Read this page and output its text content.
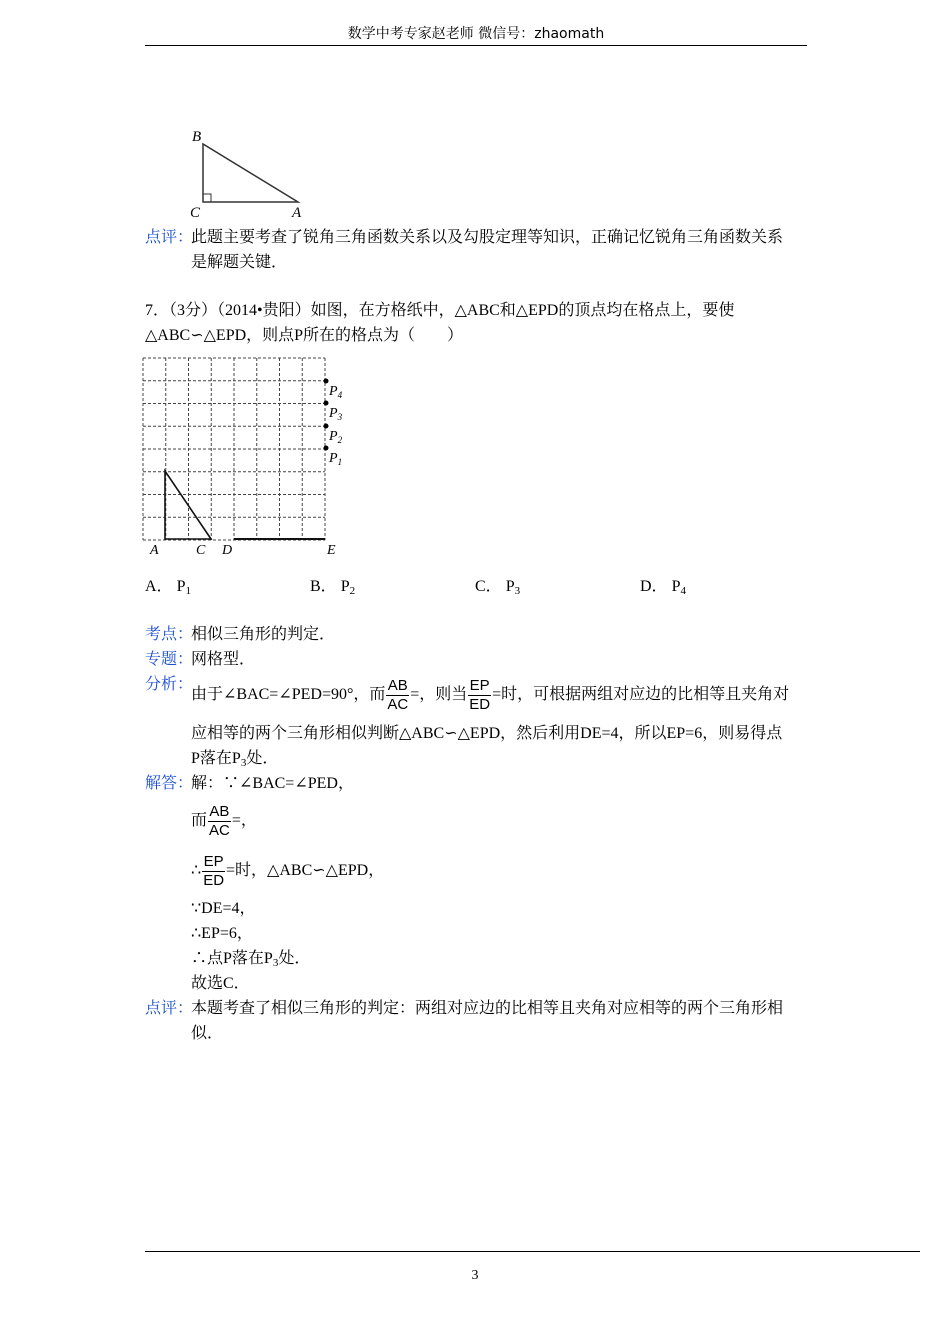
数学中考专家赵老师 微信号：zhaomath
B
C	A
点评：
此题主要考查了锐角三角函数关系以及勾股定理等知识，正确记忆锐角三角函数关系
是解题关键．
7．（3分）（2014•贵阳）如图，在方格纸中，△ABC和△EPD的顶点均在格点上，要使
△ABC∽△EPD，则点P所在的格点为（　　）
$P_4$
$P_3$
$P_2$
$P_1$
A	C D	E
A． $P_1$	B． $P_2$	C． $P_3$	D． $P_4$
考点：
相似三角形的判定．
专题：
网格型．
分析：
由于∠BAC=∠PED=90°，而 $\frac{AB}{AC}$ =，则当 $\frac{EP}{ED}$ =时，可根据两组对应边的比相等且夹角对
应相等的两个三角形相似判断△ABC∽△EPD，然后利用DE=4，所以EP=6，则易得点
P落在$P_3$处．
解答：
解：∵∠BAC=∠PED，
而 $\frac{AB}{AC}$ =，
∴ $\frac{EP}{ED}$ =时，△ABC∽△EPD，
∵DE=4，
∴EP=6，
∴点P落在$P_3$处．
故选C．
点评：
本题考查了相似三角形的判定：两组对应边的比相等且夹角对应相等的两个三角形相
似．
3
